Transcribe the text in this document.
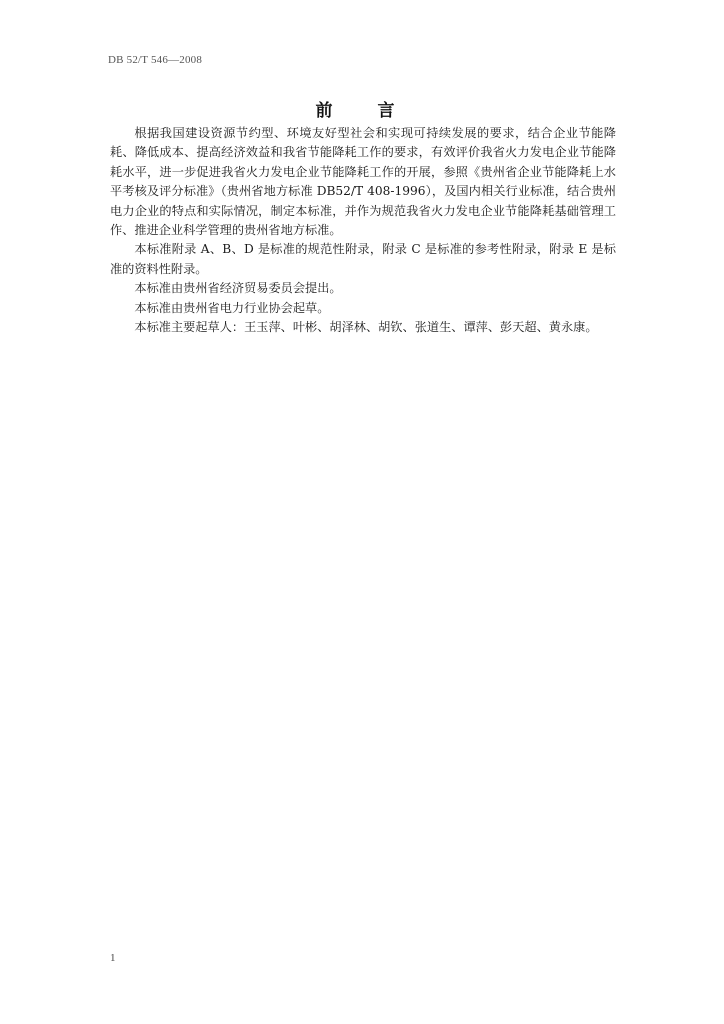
DB 52/T 546—2008
前　言

根据我国建设资源节约型、环境友好型社会和实现可持续发展的要求，结合企业节能降耗、降低成本、提高经济效益和我省节能降耗工作的要求，有效评价我省火力发电企业节能降耗水平，进一步促进我省火力发电企业节能降耗工作的开展，参照《贵州省企业节能降耗上水平考核及评分标准》（贵州省地方标准 DB52/T 408-1996），及国内相关行业标准，结合贵州电力企业的特点和实际情况，制定本标准，并作为规范我省火力发电企业节能降耗基础管理工作、推进企业科学管理的贵州省地方标准。

本标准附录 A、B、D 是标准的规范性附录，附录 C 是标准的参考性附录，附录 E 是标准的资料性附录。

本标准由贵州省经济贸易委员会提出。

本标准由贵州省电力行业协会起草。

本标准主要起草人：王玉萍、叶彬、胡泽林、胡钦、张道生、谭萍、彭天超、黄永康。

1
